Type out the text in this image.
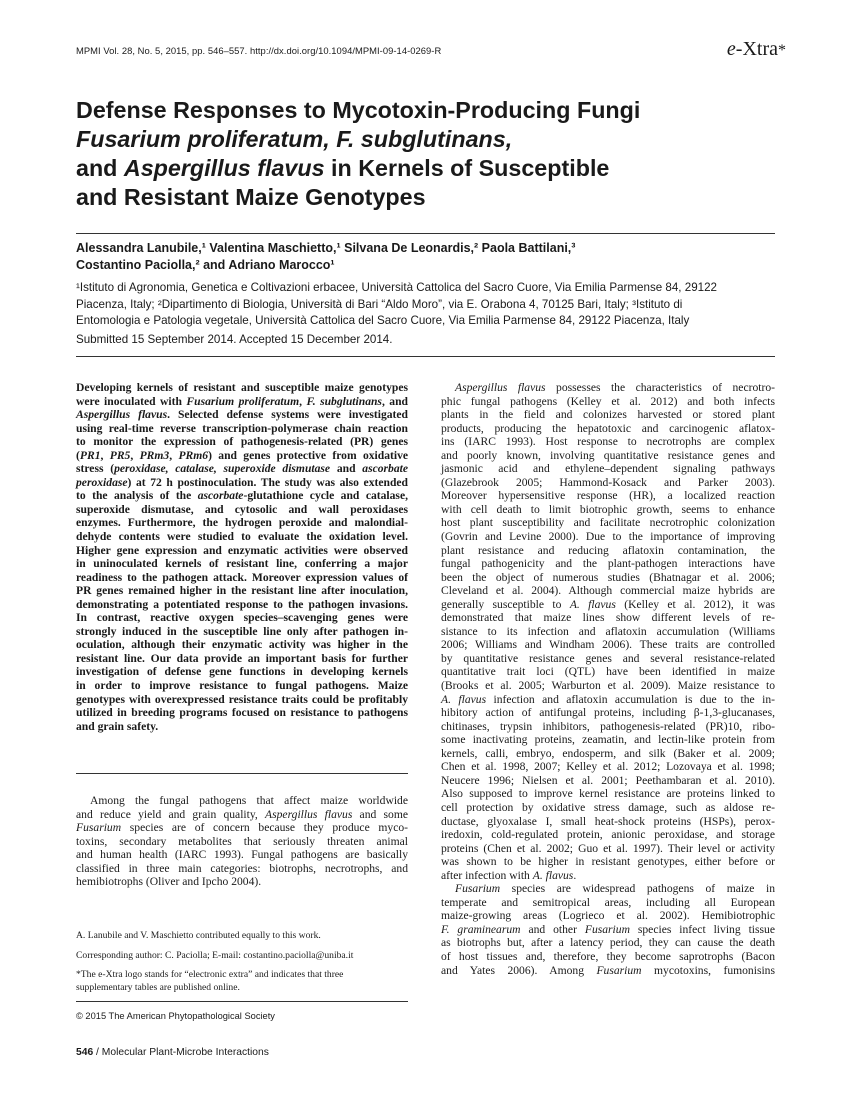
MPMI Vol. 28, No. 5, 2015, pp. 546–557. http://dx.doi.org/10.1094/MPMI-09-14-0269-R	e-Xtra*
Defense Responses to Mycotoxin-Producing Fungi
Fusarium proliferatum, F. subglutinans,
and Aspergillus flavus in Kernels of Susceptible
and Resistant Maize Genotypes
Alessandra Lanubile,¹ Valentina Maschietto,¹ Silvana De Leonardis,² Paola Battilani,³
Costantino Paciolla,² and Adriano Marocco¹
¹Istituto di Agronomia, Genetica e Coltivazioni erbacee, Università Cattolica del Sacro Cuore, Via Emilia Parmense 84, 29122
Piacenza, Italy; ²Dipartimento di Biologia, Università di Bari “Aldo Moro”, via E. Orabona 4, 70125 Bari, Italy; ³Istituto di
Entomologia e Patologia vegetale, Università Cattolica del Sacro Cuore, Via Emilia Parmense 84, 29122 Piacenza, Italy
Submitted 15 September 2014. Accepted 15 December 2014.
Developing kernels of resistant and susceptible maize genotypes
were inoculated with Fusarium proliferatum, F. subglutinans, and
Aspergillus flavus. Selected defense systems were investigated
using real-time reverse transcription-polymerase chain reaction
to monitor the expression of pathogenesis-related (PR) genes
(PR1, PR5, PRm3, PRm6) and genes protective from oxidative
stress (peroxidase, catalase, superoxide dismutase and ascorbate
peroxidase) at 72 h postinoculation. The study was also extended
to the analysis of the ascorbate-glutathione cycle and catalase,
superoxide dismutase, and cytosolic and wall peroxidases
enzymes. Furthermore, the hydrogen peroxide and malondial-
dehyde contents were studied to evaluate the oxidation level.
Higher gene expression and enzymatic activities were observed
in uninoculated kernels of resistant line, conferring a major
readiness to the pathogen attack. Moreover expression values of
PR genes remained higher in the resistant line after inoculation,
demonstrating a potentiated response to the pathogen invasions.
In contrast, reactive oxygen species–scavenging genes were
strongly induced in the susceptible line only after pathogen in-
oculation, although their enzymatic activity was higher in the
resistant line. Our data provide an important basis for further
investigation of defense gene functions in developing kernels
in order to improve resistance to fungal pathogens. Maize
genotypes with overexpressed resistance traits could be profitably
utilized in breeding programs focused on resistance to pathogens
and grain safety.
Among the fungal pathogens that affect maize worldwide
and reduce yield and grain quality, Aspergillus flavus and some
Fusarium species are of concern because they produce myco-
toxins, secondary metabolites that seriously threaten animal
and human health (IARC 1993). Fungal pathogens are basically
classified in three main categories: biotrophs, necrotrophs, and
hemibiotrophs (Oliver and Ipcho 2004).
A. Lanubile and V. Maschietto contributed equally to this work.
Corresponding author: C. Paciolla; E-mail: costantino.paciolla@uniba.it
*The e-Xtra logo stands for “electronic extra” and indicates that three
supplementary tables are published online.
© 2015 The American Phytopathological Society
546 / Molecular Plant-Microbe Interactions
Aspergillus flavus possesses the characteristics of necrotro-
phic fungal pathogens (Kelley et al. 2012) and both infects
plants in the field and colonizes harvested or stored plant
products, producing the hepatotoxic and carcinogenic aflatox-
ins (IARC 1993). Host response to necrotrophs are complex
and poorly known, involving quantitative resistance genes and
jasmonic acid and ethylene–dependent signaling pathways
(Glazebrook 2005; Hammond-Kosack and Parker 2003).
Moreover hypersensitive response (HR), a localized reaction
with cell death to limit biotrophic growth, seems to enhance
host plant susceptibility and facilitate necrotrophic colonization
(Govrin and Levine 2000). Due to the importance of improving
plant resistance and reducing aflatoxin contamination, the
fungal pathogenicity and the plant-pathogen interactions have
been the object of numerous studies (Bhatnagar et al. 2006;
Cleveland et al. 2004). Although commercial maize hybrids are
generally susceptible to A. flavus (Kelley et al. 2012), it was
demonstrated that maize lines show different levels of re-
sistance to its infection and aflatoxin accumulation (Williams
2006; Williams and Windham 2006). These traits are controlled
by quantitative resistance genes and several resistance-related
quantitative trait loci (QTL) have been identified in maize
(Brooks et al. 2005; Warburton et al. 2009). Maize resistance to
A. flavus infection and aflatoxin accumulation is due to the in-
hibitory action of antifungal proteins, including β-1,3-glucanases,
chitinases, trypsin inhibitors, pathogenesis-related (PR)10, ribo-
some inactivating proteins, zeamatin, and lectin-like protein from
kernels, calli, embryo, endosperm, and silk (Baker et al. 2009;
Chen et al. 1998, 2007; Kelley et al. 2012; Lozovaya et al. 1998;
Neucere 1996; Nielsen et al. 2001; Peethambaran et al. 2010).
Also supposed to improve kernel resistance are proteins linked to
cell protection by oxidative stress damage, such as aldose re-
ductase, glyoxalase I, small heat-shock proteins (HSPs), perox-
iredoxin, cold-regulated protein, anionic peroxidase, and storage
proteins (Chen et al. 2002; Guo et al. 1997). Their level or activity
was shown to be higher in resistant genotypes, either before or
after infection with A. flavus.
Fusarium species are widespread pathogens of maize in
temperate and semitropical areas, including all European
maize-growing areas (Logrieco et al. 2002). Hemibiotrophic
F. graminearum and other Fusarium species infect living tissue
as biotrophs but, after a latency period, they can cause the death
of host tissues and, therefore, they become saprotrophs (Bacon
and Yates 2006). Among Fusarium mycotoxins, fumonisins
